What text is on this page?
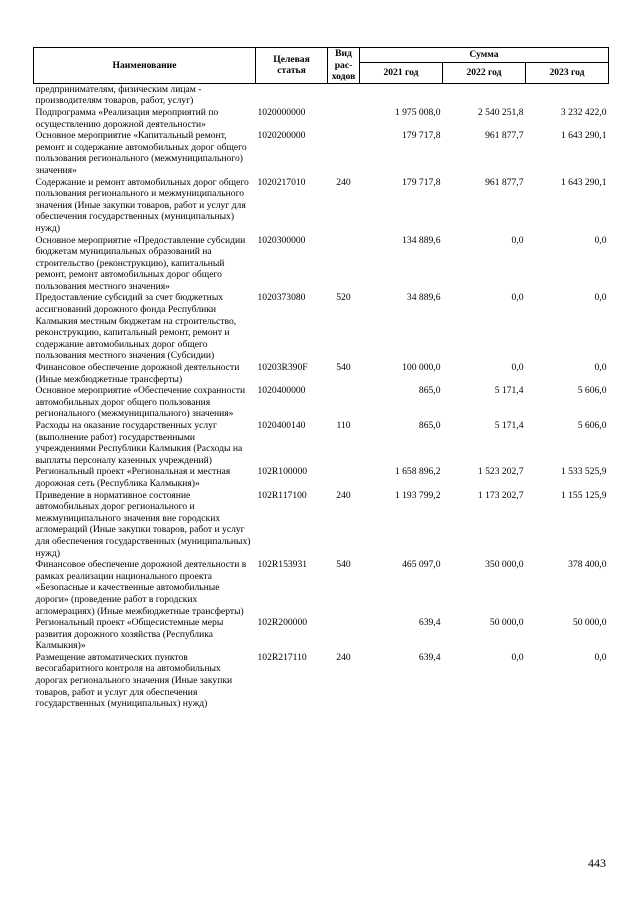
Наименование	Целевая статья	Вид рас-ходов	Сумма		
			2021 год	2022 год	2023 год
предпринимателям, физическим лицам - производителям товаров, работ, услуг)					
Подпрограмма «Реализация мероприятий по осуществлению дорожной деятельности»	1020000000		1 975 008,0	2 540 251,8	3 232 422,0
Основное мероприятие «Капитальный ремонт, ремонт и содержание автомобильных дорог общего пользования регионального (межмуниципального) значения»	1020200000		179 717,8	961 877,7	1 643 290,1
Содержание и ремонт автомобильных дорог общего пользования регионального и межмуниципального значения (Иные закупки товаров, работ и услуг для обеспечения государственных (муниципальных) нужд)	1020217010	240	179 717,8	961 877,7	1 643 290,1
Основное мероприятие «Предоставление субсидии бюджетам муниципальных образований на строительство (реконструкцию), капитальный ремонт, ремонт автомобильных дорог общего пользования местного значения»	1020300000		134 889,6	0,0	0,0
Предоставление субсидий за счет бюджетных ассигнований дорожного фонда Республики Калмыкия местным бюджетам на строительство, реконструкцию, капитальный ремонт, ремонт и содержание автомобильных дорог общего пользования местного значения (Субсидии)	1020373080	520	34 889,6	0,0	0,0
Финансовое обеспечение дорожной деятельности (Иные межбюджетные трансферты)	10203R390F	540	100 000,0	0,0	0,0
Основное мероприятие «Обеспечение сохранности автомобильных дорог общего пользования регионального (межмуниципального) значения»	1020400000		865,0	5 171,4	5 606,0
Расходы на оказание государственных услуг (выполнение работ) государственными учреждениями Республики Калмыкия (Расходы на выплаты персоналу казенных учреждений)	1020400140	110	865,0	5 171,4	5 606,0
Региональный проект «Региональная и местная дорожная сеть (Республика Калмыкия)»	102R100000		1 658 896,2	1 523 202,7	1 533 525,9
Приведение в нормативное состояние автомобильных дорог регионального и межмуниципального значения вне городских агломераций (Иные закупки товаров, работ и услуг для обеспечения государственных (муниципальных) нужд)	102R117100	240	1 193 799,2	1 173 202,7	1 155 125,9
Финансовое обеспечение дорожной деятельности в рамках реализации национального проекта «Безопасные и качественные автомобильные дороги» (проведение работ в городских агломерациях) (Иные межбюджетные трансферты)	102R153931	540	465 097,0	350 000,0	378 400,0
Региональный проект «Общесистемные меры развития дорожного хозяйства (Республика Калмыкия)»	102R200000		639,4	50 000,0	50 000,0
Размещение автоматических пунктов весогабаритного контроля на автомобильных дорогах регионального значения (Иные закупки товаров, работ и услуг для обеспечения государственных (муниципальных) нужд)	102R217110	240	639,4	0,0	0,0
443
